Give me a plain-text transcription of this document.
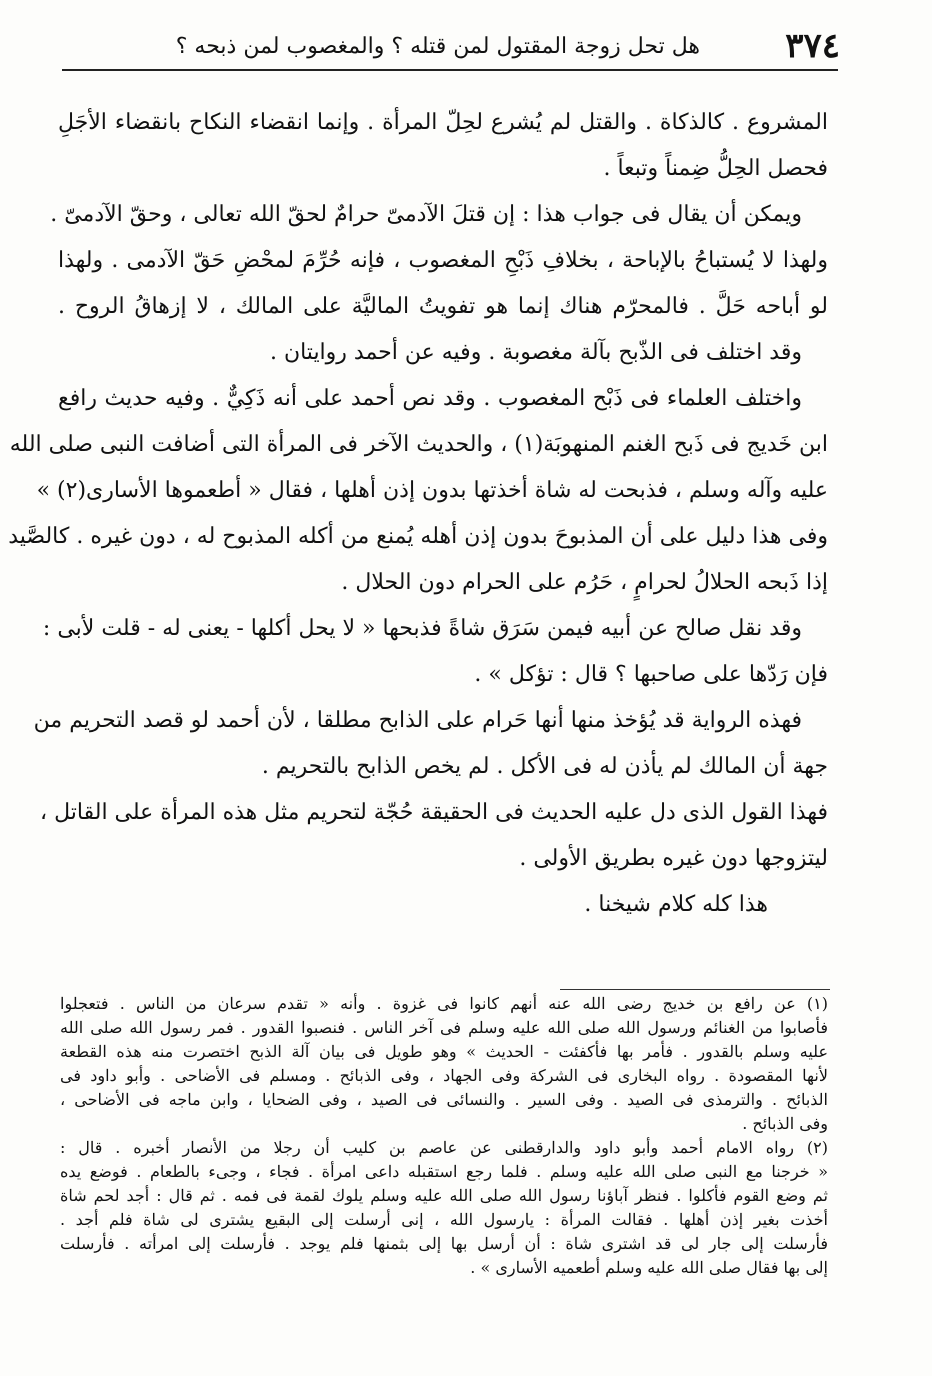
٣٧٤
هل تحل زوجة المقتول لمن قتله ؟ والمغصوب لمن ذبحه ؟
المشروع . كالذكاة . والقتل لم يُشرع لحِلّ المرأة . وإنما انقضاء النكاح بانقضاء الأجَلِ
فحصل الحِلُّ ضِمناً وتبعاً .
ويمكن أن يقال فى جواب هذا : إن قتلَ الآدمىّ حرامٌ لحقّ الله تعالى ، وحقّ الآدمىّ .
ولهذا لا يُستباحُ بالإباحة ، بخلافِ ذَبْحِ المغصوب ، فإنه حُرِّمَ لمحْضِ حَقّ الآدمى . ولهذا
لو أباحه حَلَّ . فالمحرّم هناك إنما هو تفويتُ الماليَّة على المالك ، لا إزهاقُ الروح .
وقد اختلف فى الذّبح بآلة مغصوبة . وفيه عن أحمد روايتان .
واختلف العلماء فى ذَبْح المغصوب . وقد نص أحمد على أنه ذَكِيٌّ . وفيه حديث رافع
ابن خَديج فى ذَبح الغنم المنهوبَة(١) ، والحديث الآخر فى المرأة التى أضافت النبى صلى الله
عليه وآله وسلم ، فذبحت له شاة أخذتها بدون إذن أهلها ، فقال « أطعموها الأسارى(٢) »
وفى هذا دليل على أن المذبوحَ بدون إذن أهله يُمنع من أكله المذبوح له ، دون غيره . كالصَّيد
إذا ذَبحه الحلالُ لحرامٍ ، حَرُم على الحرام دون الحلال .
وقد نقل صالح عن أبيه فيمن سَرَق شاةً فذبحها « لا يحل أكلها - يعنى له - قلت لأبى :
فإن رَدّها على صاحبها ؟ قال : تؤكل » .
فهذه الرواية قد يُؤخذ منها أنها حَرام على الذابح مطلقا ، لأن أحمد لو قصد التحريم من
جهة أن المالك لم يأذن له فى الأكل . لم يخص الذابح بالتحريم .
فهذا القول الذى دل عليه الحديث فى الحقيقة حُجّة لتحريم مثل هذه المرأة على القاتل ،
ليتزوجها دون غيره بطريق الأولى .
هذا كله كلام شيخنا .
(١) عن رافع بن خديج رضى الله عنه أنهم كانوا فى غزوة . وأنه « تقدم سرعان من الناس . فتعجلوا
فأصابوا من الغنائم ورسول الله صلى الله عليه وسلم فى آخر الناس . فنصبوا القدور . فمر رسول الله صلى الله
عليه وسلم بالقدور . فأمر بها فأكفئت - الحديث » وهو طويل فى بيان آلة الذبح اختصرت منه هذه القطعة
لأنها المقصودة . رواه البخارى فى الشركة وفى الجهاد ، وفى الذبائح . ومسلم فى الأضاحى . وأبو داود فى
الذبائح . والترمذى فى الصيد . وفى السير . والنسائى فى الصيد ، وفى الضحايا ، وابن ماجه فى الأضاحى ،
وفى الذبائح .
(٢) رواه الامام أحمد وأبو داود والدارقطنى عن عاصم بن كليب أن رجلا من الأنصار أخبره . قال :
« خرجنا مع النبى صلى الله عليه وسلم . فلما رجع استقبله داعى امرأة . فجاء ، وجىء بالطعام . فوضع يده
ثم وضع القوم فأكلوا . فنظر آباؤنا رسول الله صلى الله عليه وسلم يلوك لقمة فى فمه . ثم قال : أجد لحم شاة
أخذت بغير إذن أهلها . فقالت المرأة : يارسول الله ، إنى أرسلت إلى البقيع يشترى لى شاة فلم أجد .
فأرسلت إلى جار لى قد اشترى شاة : أن أرسل بها إلى بثمنها فلم يوجد . فأرسلت إلى امرأته . فأرسلت
إلى بها فقال صلى الله عليه وسلم أطعميه الأسارى » .
